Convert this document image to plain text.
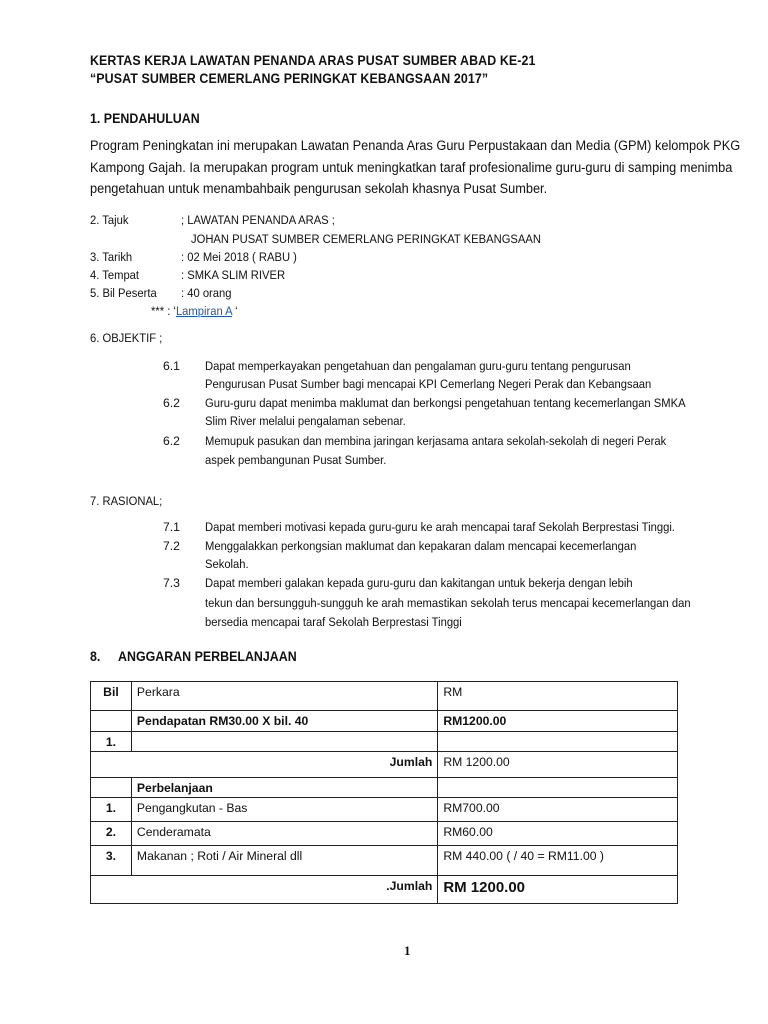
KERTAS KERJA LAWATAN PENANDA ARAS PUSAT SUMBER ABAD KE-21
“PUSAT SUMBER CEMERLANG PERINGKAT KEBANGSAAN 2017”
1. PENDAHULUAN
Program Peningkatan ini merupakan Lawatan Penanda Aras Guru Perpustakaan dan Media (GPM) kelompok PKG
Kampong Gajah. Ia merupakan program untuk meningkatkan taraf profesionalime guru-guru di samping menimba
pengetahuan untuk menambahbaik pengurusan sekolah khasnya Pusat Sumber.
2. Tajuk	; LAWATAN PENANDA ARAS ;
JOHAN PUSAT SUMBER CEMERLANG PERINGKAT KEBANGSAAN
3. Tarikh	: 02 Mei 2018 ( RABU )
4. Tempat	: SMKA SLIM RIVER
5. Bil Peserta : 40 orang
*** : ‘Lampiran A ‘
6. OBJEKTIF ;
6.1 Dapat memperkayakan pengetahuan dan pengalaman guru-guru tentang pengurusan
Pengurusan Pusat Sumber bagi mencapai KPI Cemerlang Negeri Perak dan Kebangsaan
6.2 Guru-guru dapat menimba maklumat dan berkongsi pengetahuan tentang kecemerlangan SMKA
Slim River melalui pengalaman sebenar.
6.2 Memupuk pasukan dan membina jaringan kerjasama antara sekolah-sekolah di negeri Perak
aspek pembangunan Pusat Sumber.
7. RASIONAL;
7.1 Dapat memberi motivasi kepada guru-guru ke arah mencapai taraf Sekolah Berprestasi Tinggi.
7.2 Menggalakkan perkongsian maklumat dan kepakaran dalam mencapai kecemerlangan
Sekolah.
7.3 Dapat memberi galakan kepada guru-guru dan kakitangan untuk bekerja dengan lebih
tekun dan bersungguh-sungguh ke arah memastikan sekolah terus mencapai kecemerlangan dan
bersedia mencapai taraf Sekolah Berprestasi Tinggi
8. ANGGARAN PERBELANJAAN
Bil	Perkara	RM
	Pendapatan RM30.00 X bil. 40	RM1200.00
1.		
Jumlah		RM 1200.00
	Perbelanjaan	
1.	Pengangkutan - Bas	RM700.00
2.	Cenderamata	RM60.00
3.	Makanan ; Roti / Air Mineral dll	RM 440.00 ( / 40 = RM11.00 )
.Jumlah		RM 1200.00
1
